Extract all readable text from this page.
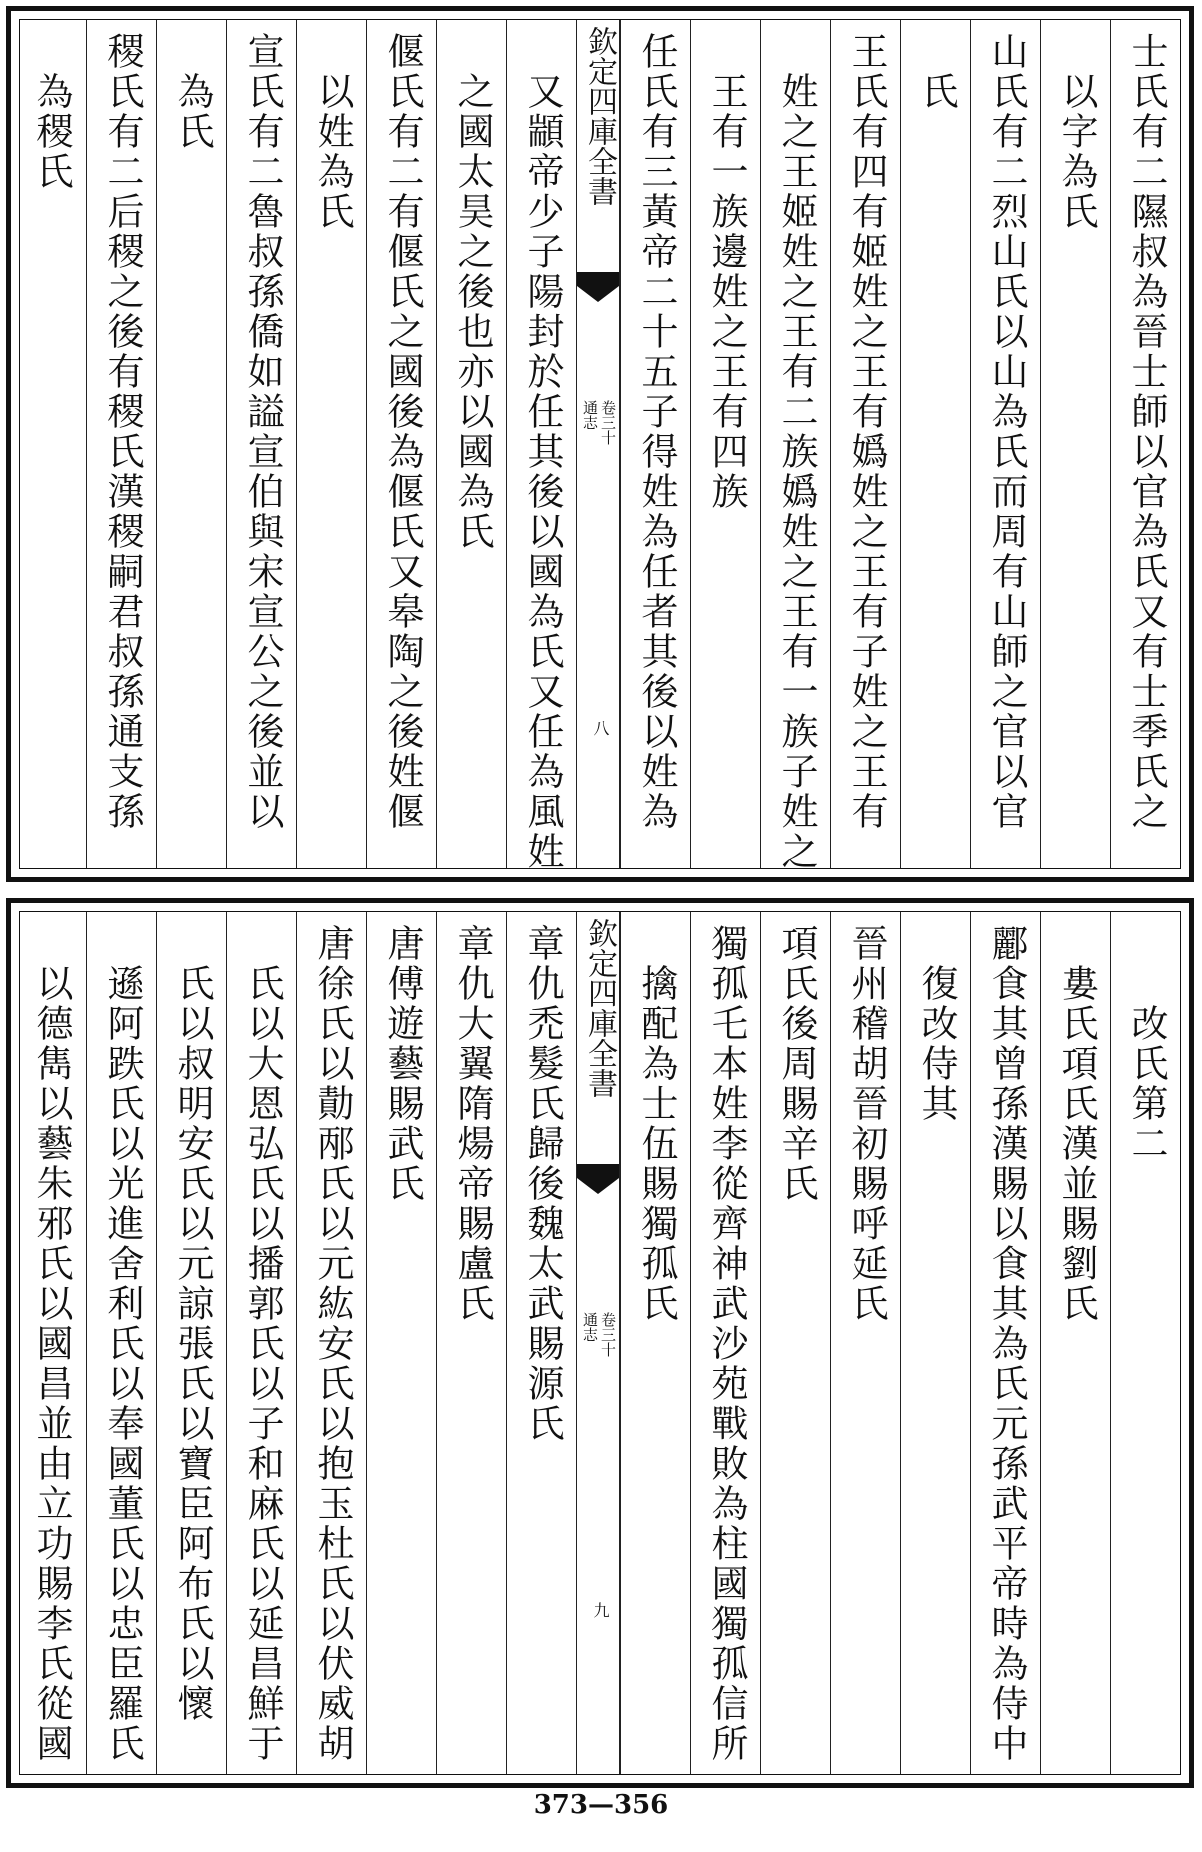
士氏有二隰叔為晉士師以官為氏又有士季氏之
以字為氏
山氏有二烈山氏以山為氏而周有山師之官以官
氏
王氏有四有姬姓之王有嬀姓之王有子姓之王有
姓之王姬姓之王有二族嬀姓之王有一族子姓之
王有一族邊姓之王有四族
任氏有三黃帝二十五子得姓為任者其後以姓為
欽定四庫全書
通志 卷三十
八
又顓帝少子陽封於任其後以國為氏又任為風姓
之國太昊之後也亦以國為氏
偃氏有二有偃氏之國後為偃氏又皋陶之後姓偃
以姓為氏
宣氏有二魯叔孫僑如謚宣伯與宋宣公之後並以
為氏
稷氏有二后稷之後有稷氏漢稷嗣君叔孫通支孫
為稷氏
改氏第二
婁氏項氏漢並賜劉氏
酈食其曾孫漢賜以食其為氏元孫武平帝時為侍中
復改侍其
晉州稽胡晉初賜呼延氏
項氏後周賜辛氏
獨孤乇本姓李從齊神武沙苑戰敗為柱國獨孤信所
擒配為士伍賜獨孤氏
欽定四庫全書
通志 卷三十
九
章仇禿髮氏歸後魏太武賜源氏
章仇大翼隋煬帝賜盧氏
唐傅遊藝賜武氏
唐徐氏以勣邴氏以元紘安氏以抱玉杜氏以伏威胡
氏以大恩弘氏以播郭氏以子和麻氏以延昌鮮于
氏以叔明安氏以元諒張氏以寶臣阿布氏以懷
遜阿跌氏以光進舍利氏以奉國董氏以忠臣羅氏
以德雋以藝朱邪氏以國昌並由立功賜李氏從國
373—356
